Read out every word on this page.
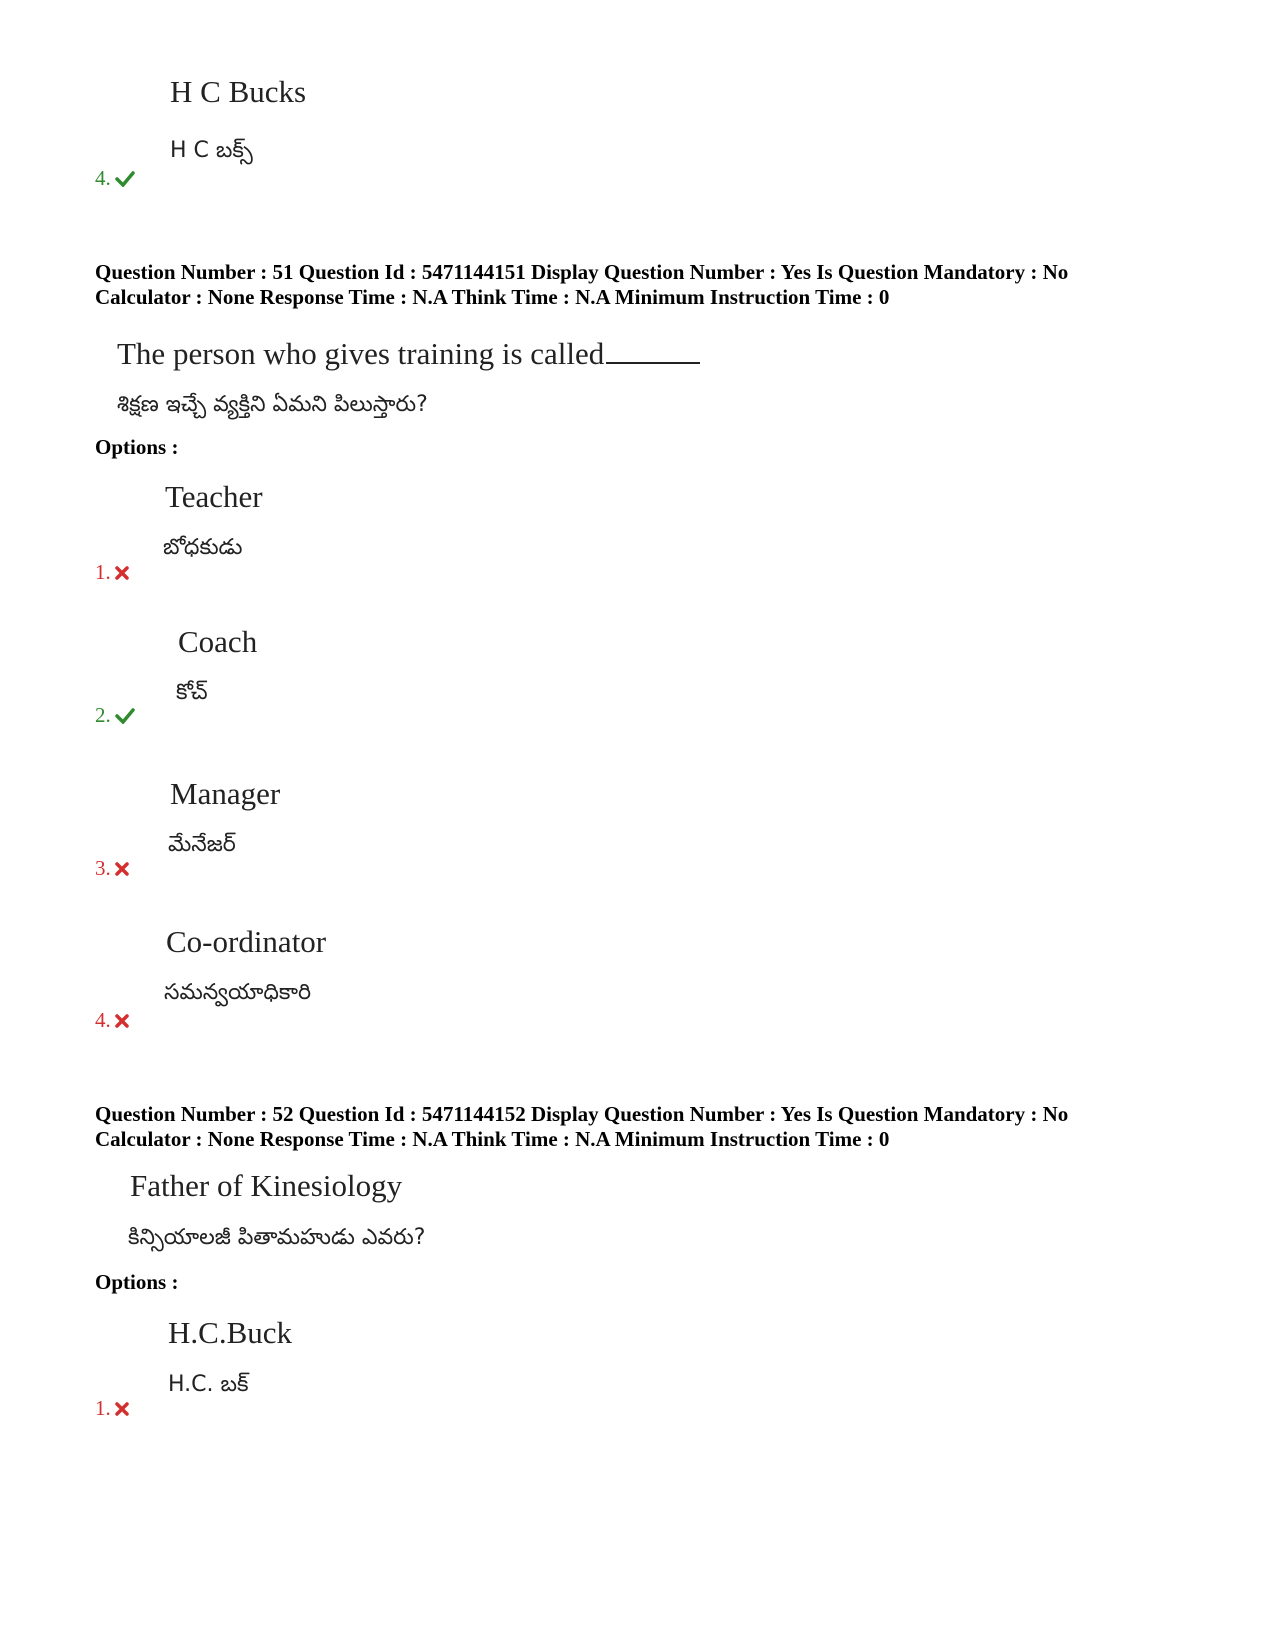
H C Bucks
H C బక్స్
4.
Question Number : 51 Question Id : 5471144151 Display Question Number : Yes Is Question Mandatory : No
Calculator : None Response Time : N.A Think Time : N.A Minimum Instruction Time : 0
The person who gives training is called
శిక్షణ ఇచ్చే వ్యక్తిని ఏమని పిలుస్తారు?
Options :
Teacher
బోధకుడు
1.
Coach
కోచ్
2.
Manager
మేనేజర్
3.
Co-ordinator
సమన్వయాధికారి
4.
Question Number : 52 Question Id : 5471144152 Display Question Number : Yes Is Question Mandatory : No
Calculator : None Response Time : N.A Think Time : N.A Minimum Instruction Time : 0
Father of Kinesiology
కిన్సియాలజీ పితామహుడు ఎవరు?
Options :
H.C.Buck
H.C. బక్
1.
